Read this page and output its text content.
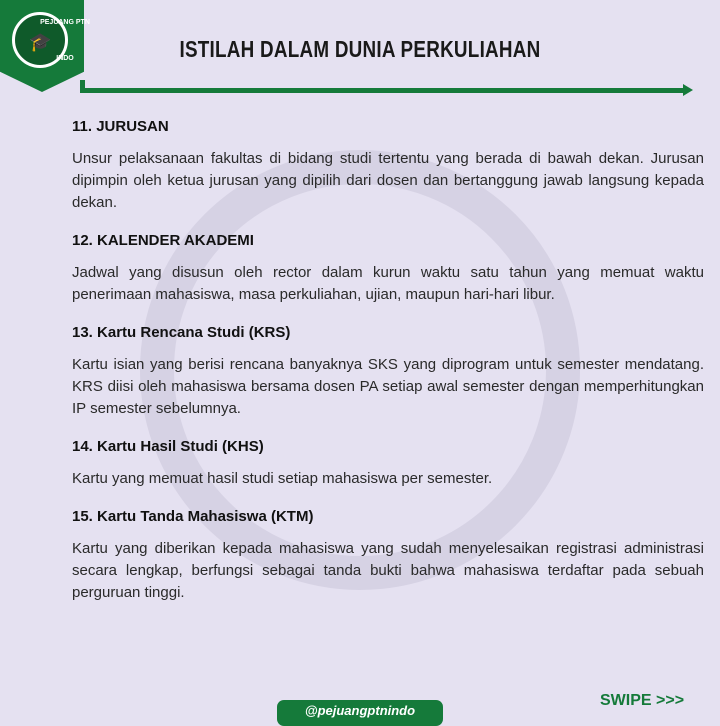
PEJUANG PTN
🎓
INDO	ISTILAH DALAM DUNIA PERKULIAHAN
11. JURUSAN

Unsur pelaksanaan fakultas di bidang studi tertentu yang berada di bawah dekan. Jurusan dipimpin oleh ketua jurusan yang dipilih dari dosen dan bertanggung jawab langsung kepada dekan.

12. KALENDER AKADEMI

Jadwal yang disusun oleh rector dalam kurun waktu satu tahun yang memuat waktu penerimaan mahasiswa, masa perkuliahan, ujian, maupun hari-hari libur.

13. Kartu Rencana Studi (KRS)

Kartu isian yang berisi rencana banyaknya SKS yang diprogram untuk semester mendatang. KRS diisi oleh mahasiswa bersama dosen PA setiap awal semester dengan memperhitungkan IP semester sebelumnya.

14. Kartu Hasil Studi (KHS)

Kartu yang memuat hasil studi setiap mahasiswa per semester.

15. Kartu Tanda Mahasiswa (KTM)

Kartu yang diberikan kepada mahasiswa yang sudah menyelesaikan registrasi administrasi secara lengkap, berfungsi sebagai tanda bukti bahwa mahasiswa terdaftar pada sebuah perguruan tinggi.

@pejuangptnindo
SWIPE >>>
